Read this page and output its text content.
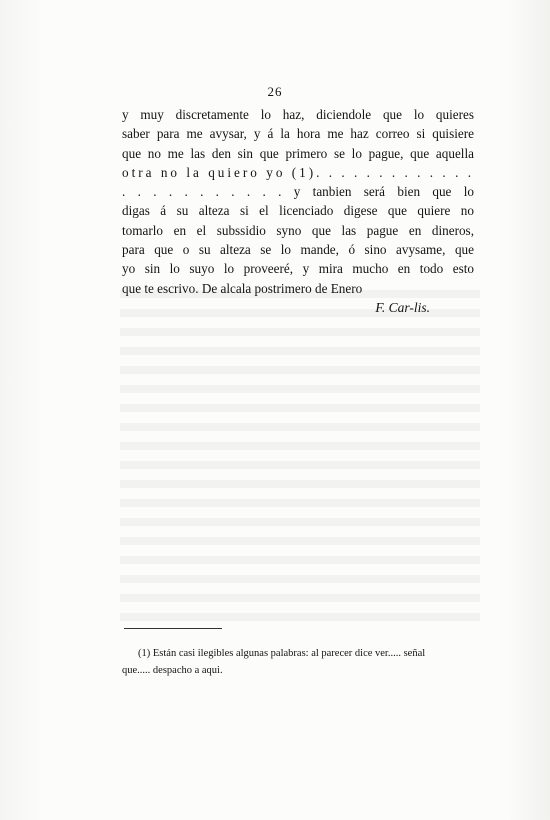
26
y muy discretamente lo haz, diciendole que lo quieres
saber para me avysar, y á la hora me haz correo si quisiere
que no me las den sin que primero se lo pague, que aquella
otra no la quiero yo (1). . . . . . . . . . . . .
. . . . . . . . . . . y tanbien será bien que lo
digas á su alteza si el licenciado digese que quiere no
tomarlo en el subssidio syno que las pague en dineros,
para que o su alteza se lo mande, ó sino avysame, que
yo sin lo suyo lo proveeré, y mira mucho en todo esto
que te escrivo. De alcala postrimero de Enero
F. Car-lis.
(1) Están casi ilegibles algunas palabras: al parecer dice ver..... señal
que..... despacho a aqui.
